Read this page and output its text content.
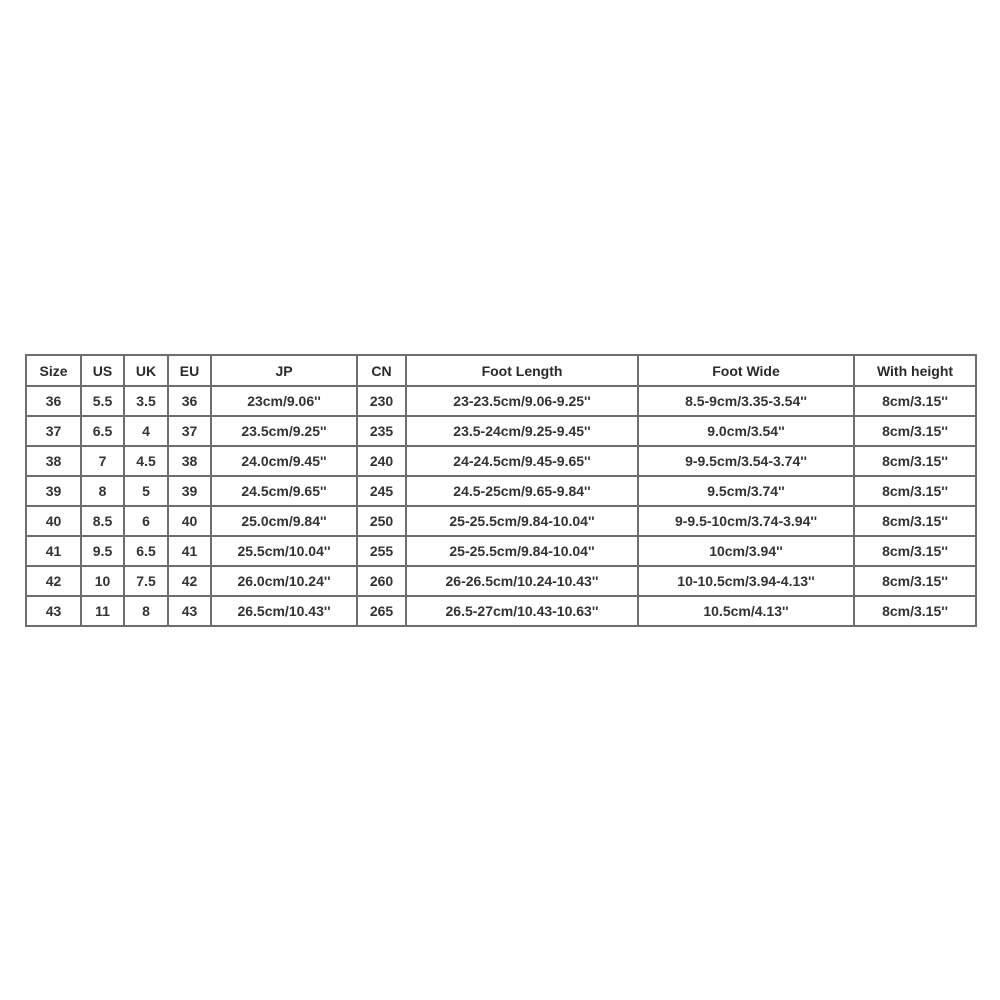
Size	US	UK	EU	JP	CN	Foot Length	Foot Wide	With height
36	5.5	3.5	36	23cm/9.06''	230	23-23.5cm/9.06-9.25''	8.5-9cm/3.35-3.54''	8cm/3.15''
37	6.5	4	37	23.5cm/9.25''	235	23.5-24cm/9.25-9.45''	9.0cm/3.54''	8cm/3.15''
38	7	4.5	38	24.0cm/9.45''	240	24-24.5cm/9.45-9.65''	9-9.5cm/3.54-3.74''	8cm/3.15''
39	8	5	39	24.5cm/9.65''	245	24.5-25cm/9.65-9.84''	9.5cm/3.74''	8cm/3.15''
40	8.5	6	40	25.0cm/9.84''	250	25-25.5cm/9.84-10.04''	9-9.5-10cm/3.74-3.94''	8cm/3.15''
41	9.5	6.5	41	25.5cm/10.04''	255	25-25.5cm/9.84-10.04''	10cm/3.94''	8cm/3.15''
42	10	7.5	42	26.0cm/10.24''	260	26-26.5cm/10.24-10.43''	10-10.5cm/3.94-4.13''	8cm/3.15''
43	11	8	43	26.5cm/10.43''	265	26.5-27cm/10.43-10.63''	10.5cm/4.13''	8cm/3.15''
